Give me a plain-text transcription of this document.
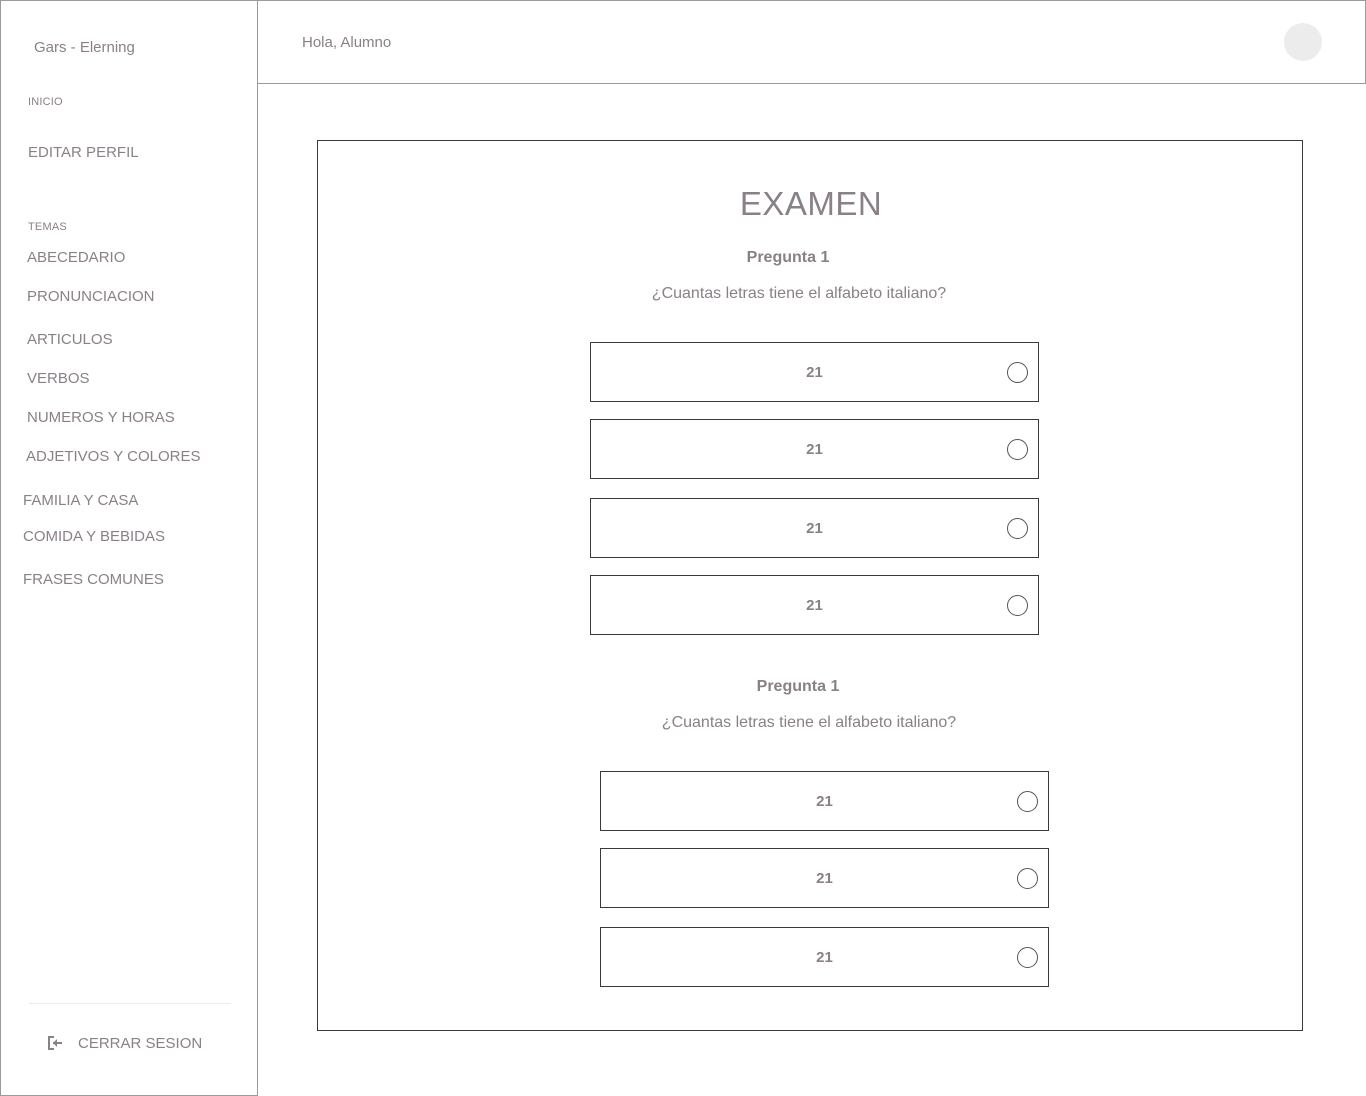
Gars - Elerning
INICIO
EDITAR PERFIL
TEMAS
ABECEDARIO
PRONUNCIACION
ARTICULOS
VERBOS
NUMEROS Y HORAS
ADJETIVOS Y COLORES
FAMILIA Y CASA
COMIDA Y BEBIDAS
FRASES COMUNES
CERRAR SESION
Hola, Alumno
EXAMEN
Pregunta 1
¿Cuantas letras tiene el alfabeto italiano?
21
21
21
21
Pregunta 1
¿Cuantas letras tiene el alfabeto italiano?
21
21
21
